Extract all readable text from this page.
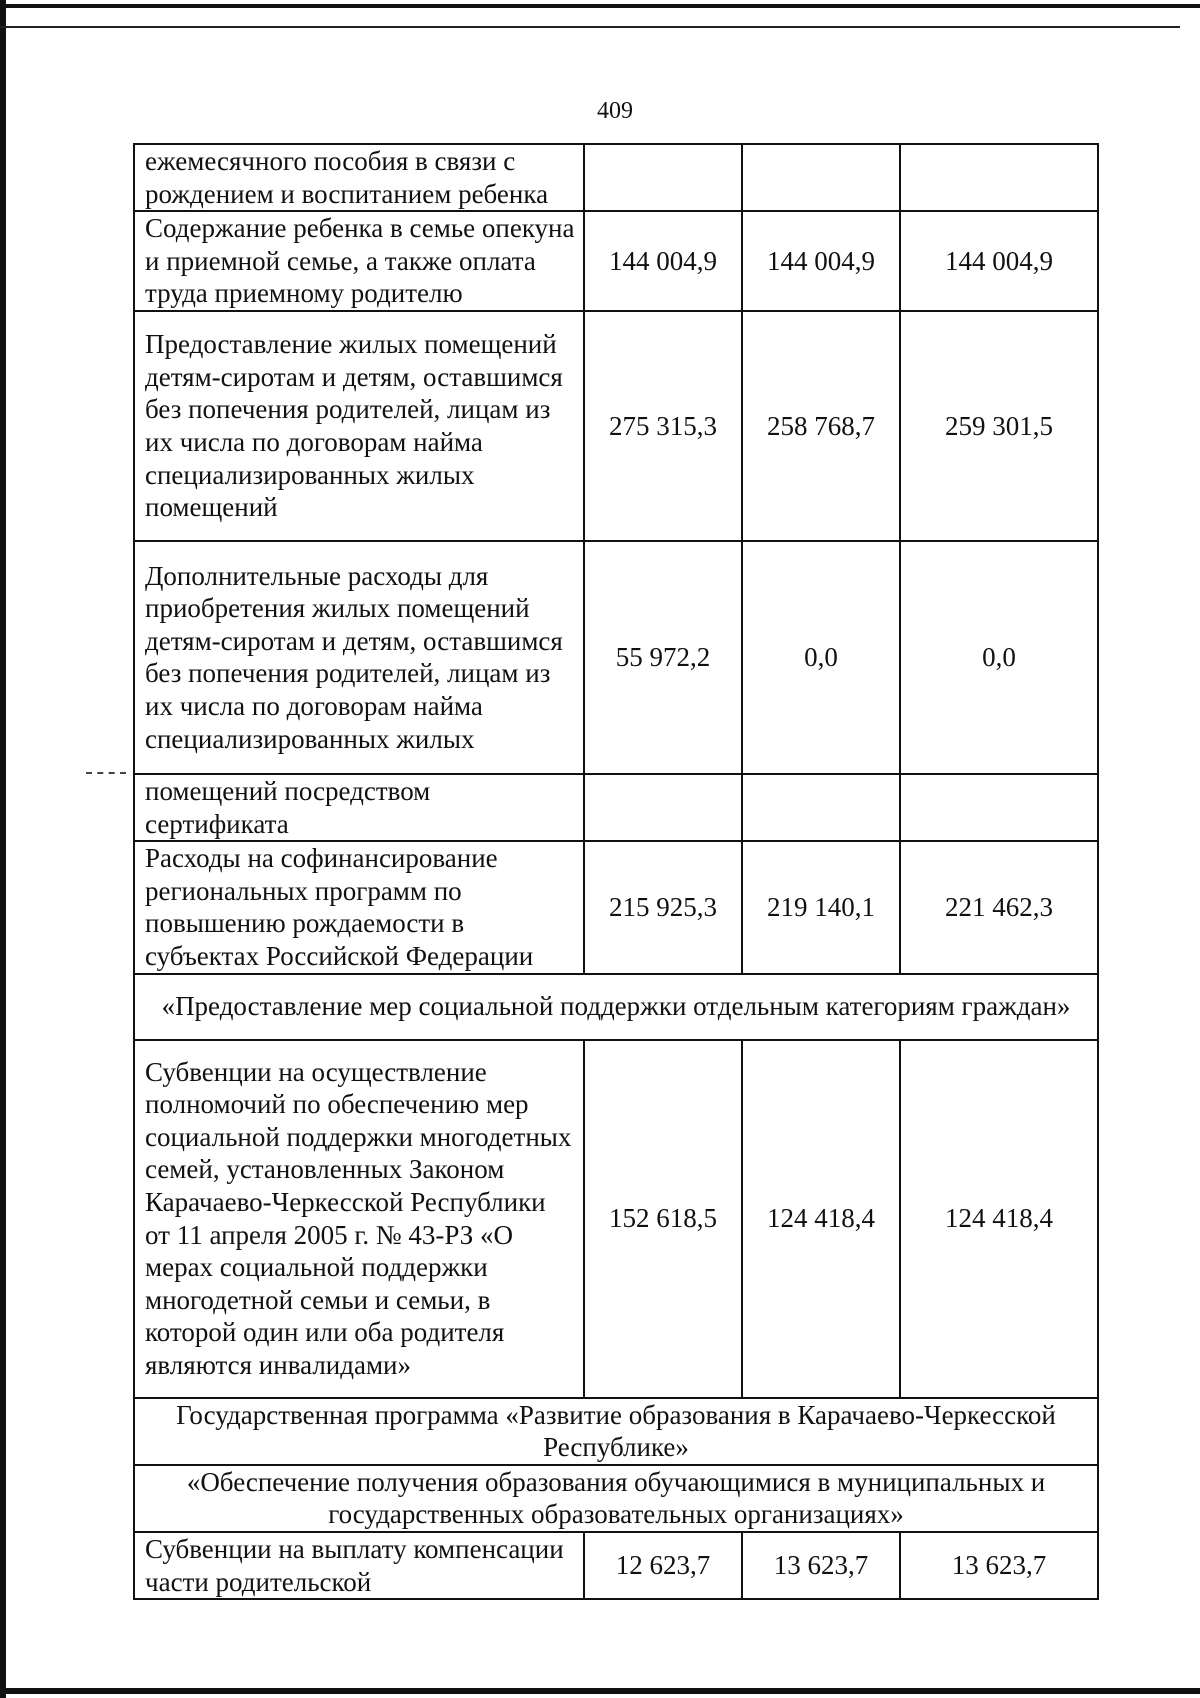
409
ежемесячного пособия в связи с рождением и воспитанием ребенка			
Содержание ребенка в семье опекуна и приемной семье, а также оплата труда приемному родителю	144 004,9	144 004,9	144 004,9
Предоставление жилых помещений детям-сиротам и детям, оставшимся без попечения родителей, лицам из их числа по договорам найма специализированных жилых помещений	275 315,3	258 768,7	259 301,5
Дополнительные расходы для приобретения жилых помещений детям-сиротам и детям, оставшимся без попечения родителей, лицам из их числа по договорам найма специализированных жилых	55 972,2	0,0	0,0
помещений посредством сертификата			
Расходы на софинансирование региональных программ по повышению рождаемости в субъектах Российской Федерации	215 925,3	219 140,1	221 462,3
«Предоставление мер социальной поддержки отдельным категориям граждан»			
Субвенции на осуществление полномочий по обеспечению мер социальной поддержки многодетных семей, установленных Законом Карачаево-Черкесской Республики от 11 апреля 2005 г. № 43-РЗ «О мерах социальной поддержки многодетной семьи и семьи, в которой один или оба родителя являются инвалидами»	152 618,5	124 418,4	124 418,4
Государственная программа «Развитие образования в Карачаево-Черкесской Республике»			
«Обеспечение получения образования обучающимися в муниципальных и государственных образовательных организациях»			
Субвенции на выплату компенсации части родительской	12 623,7	13 623,7	13 623,7
